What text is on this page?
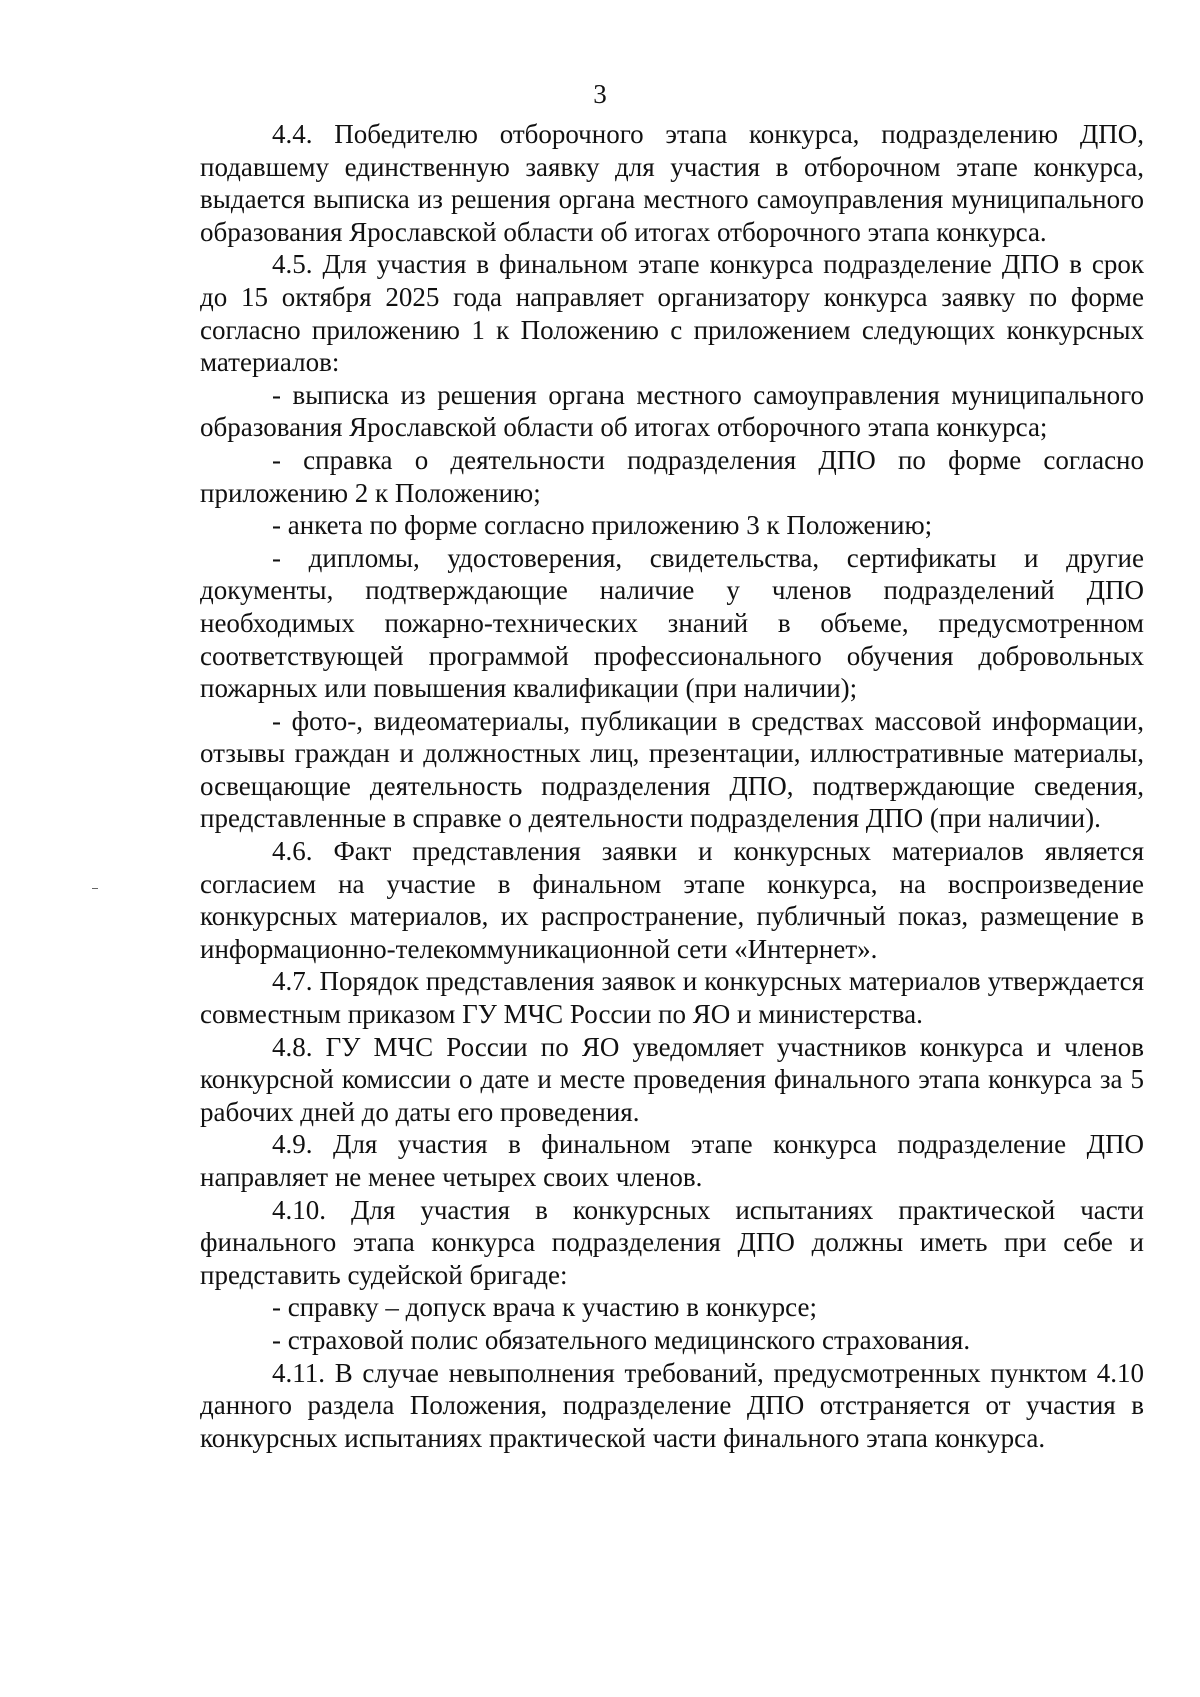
3

4.4. Победителю отборочного этапа конкурса, подразделению ДПО, подавшему единственную заявку для участия в отборочном этапе конкурса, выдается выписка из решения органа местного самоуправления муниципального образования Ярославской области об итогах отборочного этапа конкурса.

4.5. Для участия в финальном этапе конкурса подразделение ДПО в срок до 15 октября 2025 года направляет организатору конкурса заявку по форме согласно приложению 1 к Положению с приложением следующих конкурсных материалов:

- выписка из решения органа местного самоуправления муниципального образования Ярославской области об итогах отборочного этапа конкурса;

- справка о деятельности подразделения ДПО по форме согласно приложению 2 к Положению;

- анкета по форме согласно приложению 3 к Положению;

- дипломы, удостоверения, свидетельства, сертификаты и другие документы, подтверждающие наличие у членов подразделений ДПО необходимых пожарно-технических знаний в объеме, предусмотренном соответствующей программой профессионального обучения добровольных пожарных или повышения квалификации (при наличии);

- фото-, видеоматериалы, публикации в средствах массовой информации, отзывы граждан и должностных лиц, презентации, иллюстративные материалы, освещающие деятельность подразделения ДПО, подтверждающие сведения, представленные в справке о деятельности подразделения ДПО (при наличии).

4.6. Факт представления заявки и конкурсных материалов является согласием на участие в финальном этапе конкурса, на воспроизведение конкурсных материалов, их распространение, публичный показ, размещение в информационно-телекоммуникационной сети «Интернет».

4.7. Порядок представления заявок и конкурсных материалов утверждается совместным приказом ГУ МЧС России по ЯО и министерства.

4.8. ГУ МЧС России по ЯО уведомляет участников конкурса и членов конкурсной комиссии о дате и месте проведения финального этапа конкурса за 5 рабочих дней до даты его проведения.

4.9. Для участия в финальном этапе конкурса подразделение ДПО направляет не менее четырех своих членов.

4.10. Для участия в конкурсных испытаниях практической части финального этапа конкурса подразделения ДПО должны иметь при себе и представить судейской бригаде:

- справку – допуск врача к участию в конкурсе;

- страховой полис обязательного медицинского страхования.

4.11. В случае невыполнения требований, предусмотренных пунктом 4.10 данного раздела Положения, подразделение ДПО отстраняется от участия в конкурсных испытаниях практической части финального этапа конкурса.
